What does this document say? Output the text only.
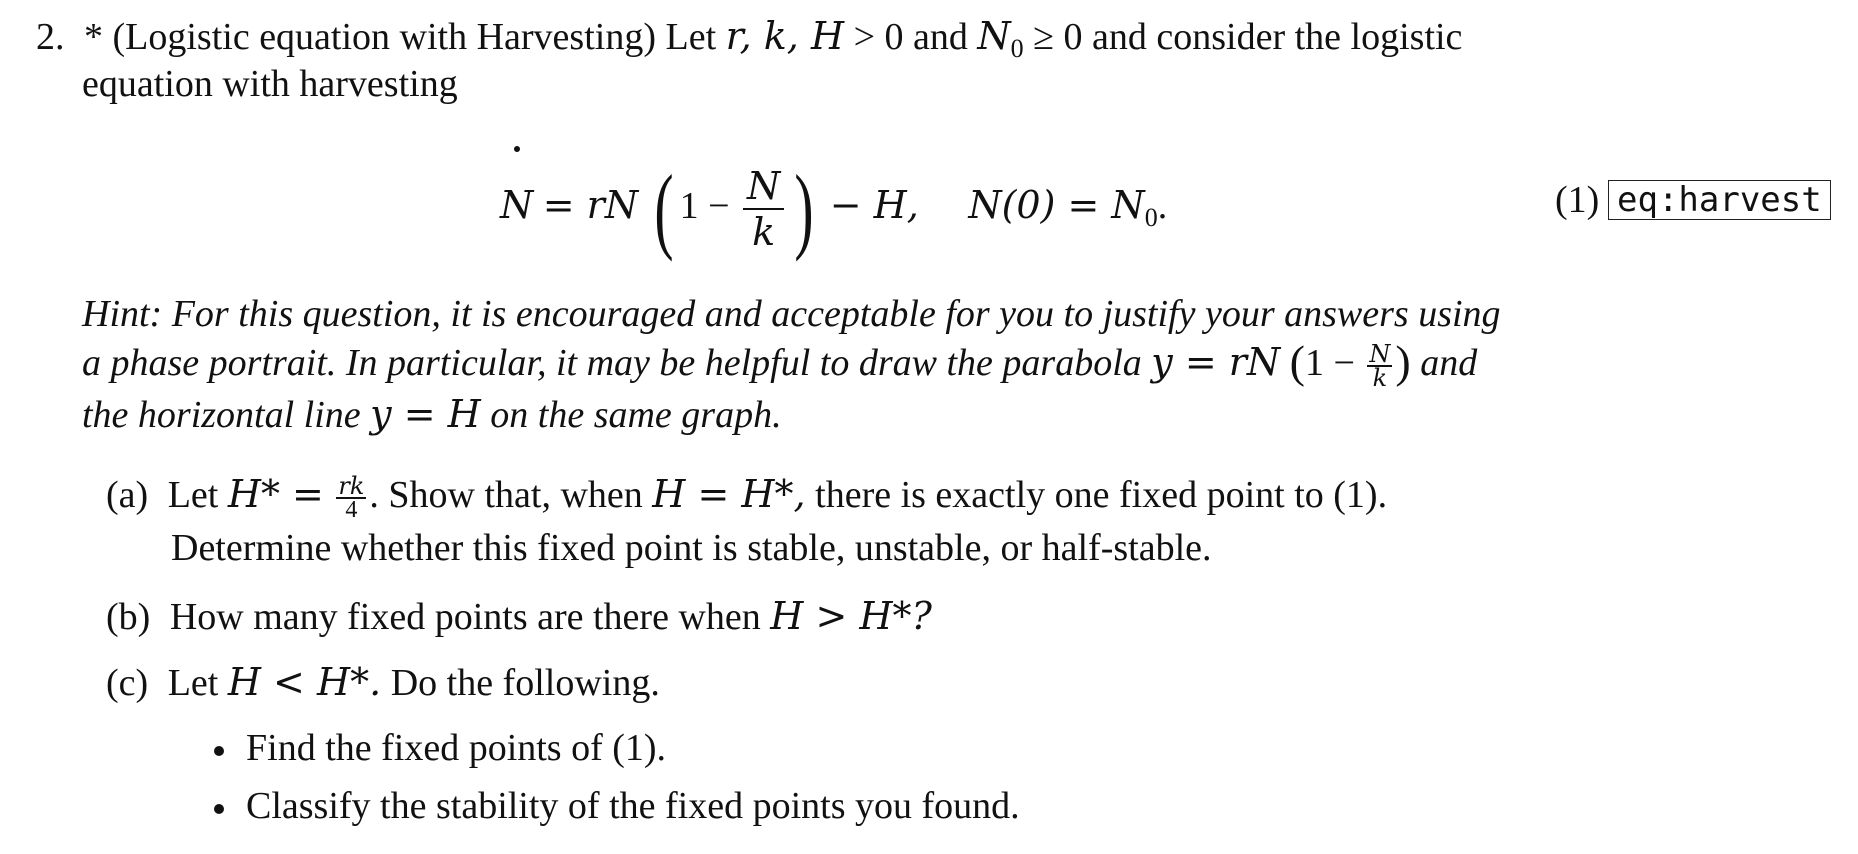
2. * (Logistic equation with Harvesting) Let r, k, H > 0 and $N_0 \ge 0$ and consider the logistic
equation with harvesting
N = rN ( $1 - \frac{N}{k}$ ) − H, $N(0) = N_0$.	(1) eq:harvest
Hint: For this question, it is encouraged and acceptable for you to justify your answers using
a phase portrait. In particular, it may be helpful to draw the parabola y = rN ($1 - \frac{N}{k}$ ) and
the horizontal line y = H on the same graph.
(a) Let $H* = \frac{rk}{4}$ . Show that, when H = H*, there is exactly one fixed point to (1).
Determine whether this fixed point is stable, unstable, or half-stable.
(b) How many fixed points are there when H > H*?
(c) Let H < H*. Do the following.
Find the fixed points of (1).
Classify the stability of the fixed points you found.
